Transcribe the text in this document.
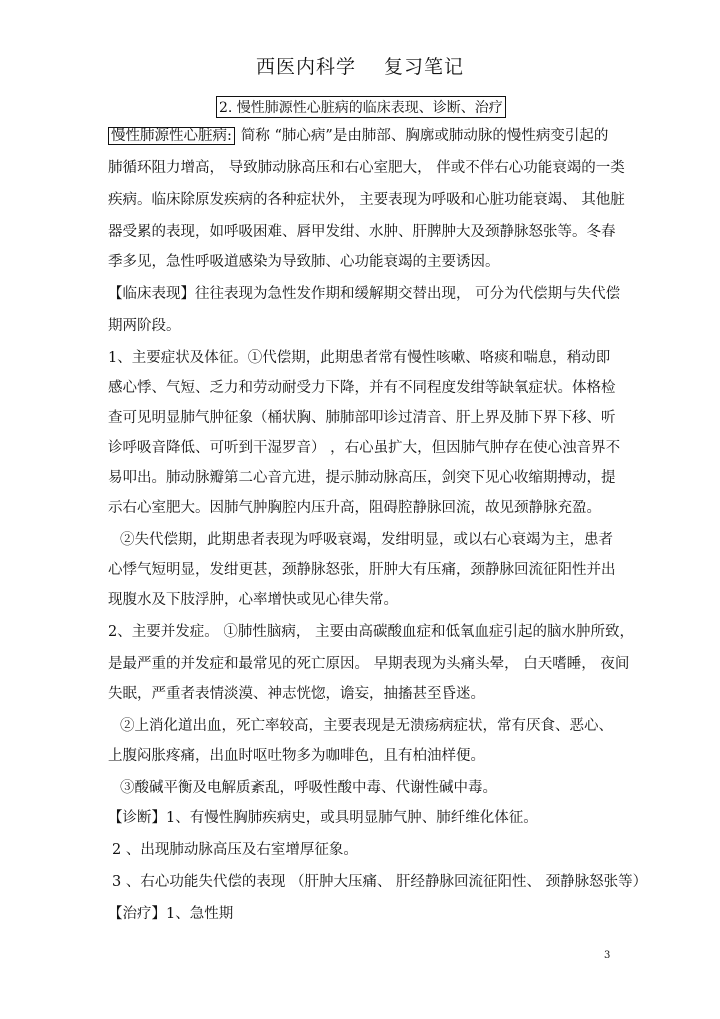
西医内科学 复习笔记
2. 慢性肺源性心脏病的临床表现、诊断、治疗
慢性肺源性心脏病: 简称 “肺心病”是由肺部、胸廓或肺动脉的慢性病变引起的
肺循环阻力增高， 导致肺动脉高压和右心室肥大， 伴或不伴右心功能衰竭的一类
疾病。临床除原发疾病的各种症状外， 主要表现为呼吸和心脏功能衰竭、 其他脏
器受累的表现，如呼吸困难、唇甲发绀、水肿、肝脾肿大及颈静脉怒张等。冬春
季多见，急性呼吸道感染为导致肺、心功能衰竭的主要诱因。
【临床表现】往往表现为急性发作期和缓解期交替出现， 可分为代偿期与失代偿
期两阶段。
1、主要症状及体征。①代偿期，此期患者常有慢性咳嗽、咯痰和喘息，稍动即
感心悸、气短、乏力和劳动耐受力下降，并有不同程度发绀等缺氧症状。体格检
查可见明显肺气肿征象（桶状胸、肺肺部叩诊过清音、肝上界及肺下界下移、听
诊呼吸音降低、可听到干湿罗音） ，右心虽扩大，但因肺气肿存在使心浊音界不
易叩出。肺动脉瓣第二心音亢进，提示肺动脉高压，剑突下见心收缩期搏动，提
示右心室肥大。因肺气肿胸腔内压升高，阻碍腔静脉回流，故见颈静脉充盈。
②失代偿期，此期患者表现为呼吸衰竭，发绀明显，或以右心衰竭为主，患者
心悸气短明显，发绀更甚，颈静脉怒张，肝肿大有压痛，颈静脉回流征阳性并出
现腹水及下肢浮肿，心率增快或见心律失常。
2、主要并发症。 ①肺性脑病， 主要由高碳酸血症和低氧血症引起的脑水肿所致，
是最严重的并发症和最常见的死亡原因。 早期表现为头痛头晕， 白天嗜睡， 夜间
失眠，严重者表情淡漠、神志恍惚，谵妄，抽搐甚至昏迷。
②上消化道出血，死亡率较高，主要表现是无溃疡病症状，常有厌食、恶心、
上腹闷胀疼痛，出血时呕吐物多为咖啡色，且有柏油样便。
③酸碱平衡及电解质紊乱，呼吸性酸中毒、代谢性碱中毒。
【诊断】1、有慢性胸肺疾病史，或具明显肺气肿、肺纤维化体征。
2 、出现肺动脉高压及右室增厚征象。
3 、右心功能失代偿的表现 （肝肿大压痛、 肝经静脉回流征阳性、 颈静脉怒张等）
【治疗】1、急性期
3
